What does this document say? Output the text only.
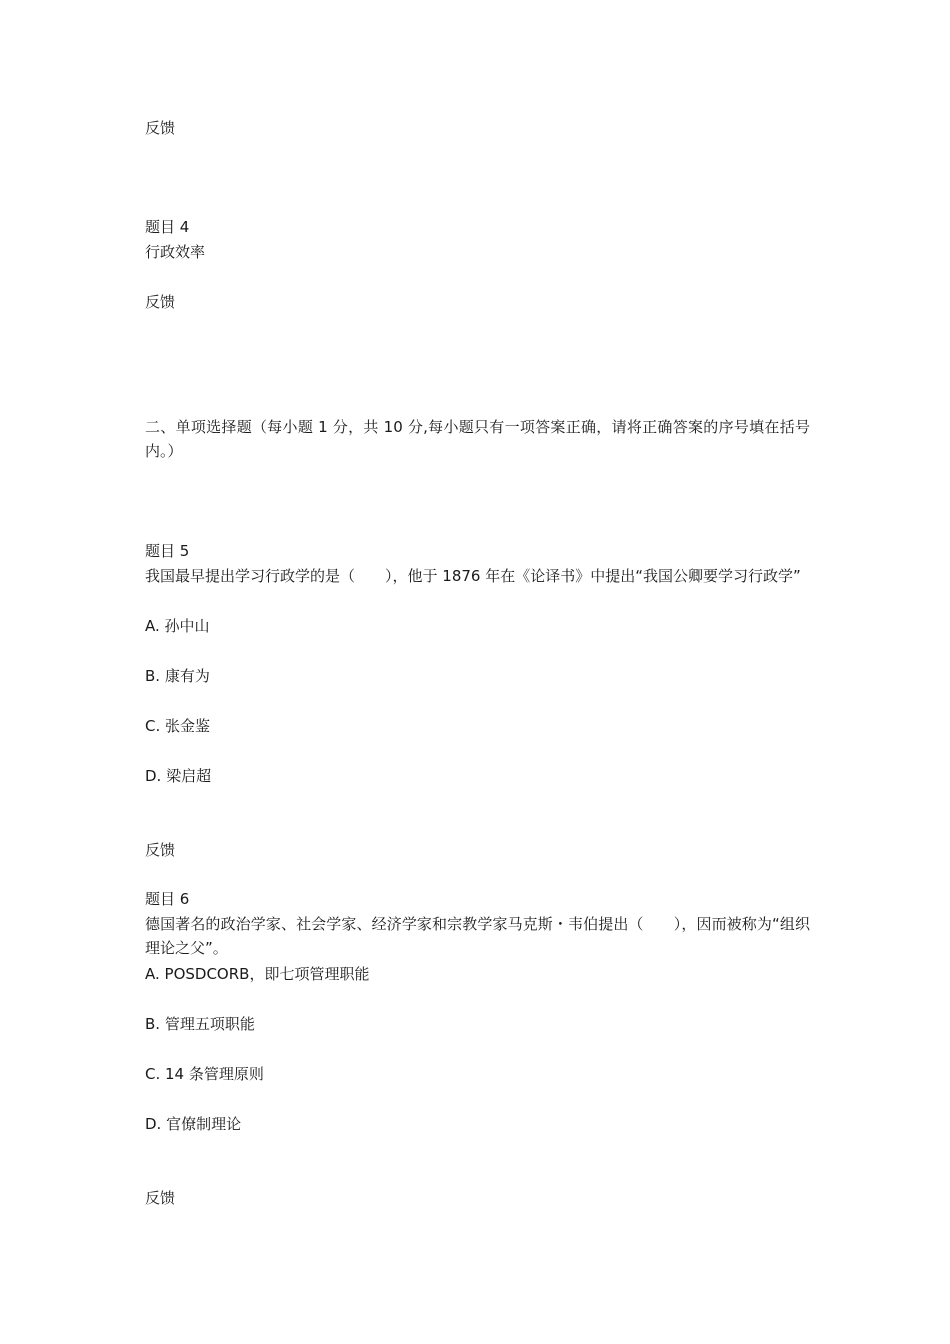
反馈

题目 4

行政效率

反馈

二、单项选择题（每小题 1 分，共 10 分,每小题只有一项答案正确，请将正确答案的序号填在括号内。）

题目 5

我国最早提出学习行政学的是（　　），他于 1876 年在《论译书》中提出“我国公卿要学习行政学”

A. 孙中山

B. 康有为

C. 张金鉴

D. 梁启超

反馈

题目 6

德国著名的政治学家、社会学家、经济学家和宗教学家马克斯・韦伯提出（　　），因而被称为“组织理论之父”。

A. POSDCORB，即七项管理职能

B. 管理五项职能

C. 14 条管理原则

D. 官僚制理论

反馈
